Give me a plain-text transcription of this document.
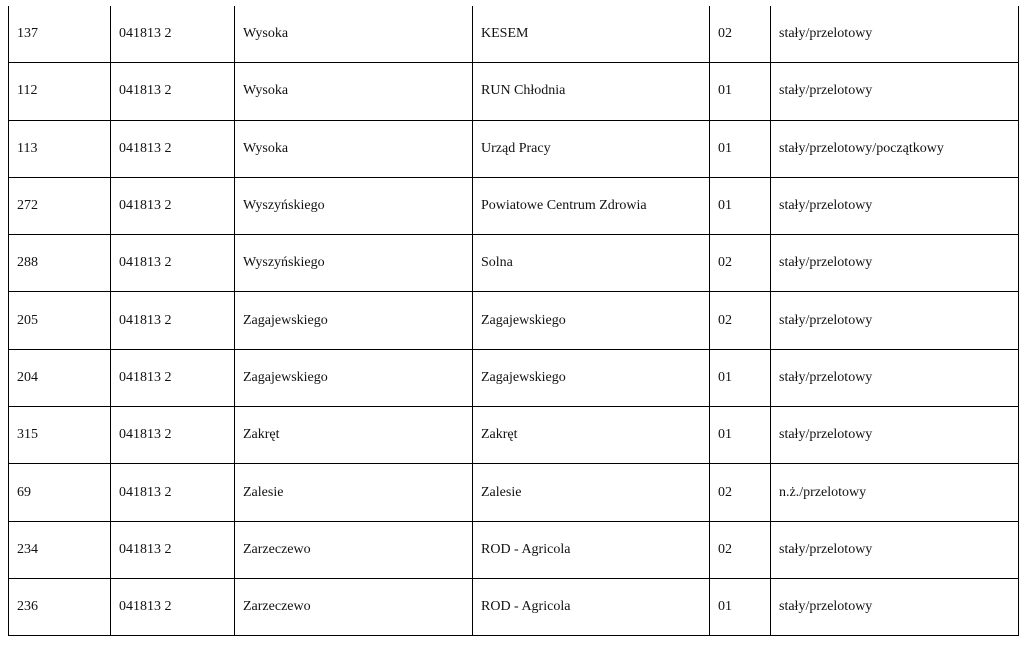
137	041813 2	Wysoka	KESEM	02	stały/przelotowy
112	041813 2	Wysoka	RUN Chłodnia	01	stały/przelotowy
113	041813 2	Wysoka	Urząd Pracy	01	stały/przelotowy/początkowy
272	041813 2	Wyszyńskiego	Powiatowe Centrum Zdrowia	01	stały/przelotowy
288	041813 2	Wyszyńskiego	Solna	02	stały/przelotowy
205	041813 2	Zagajewskiego	Zagajewskiego	02	stały/przelotowy
204	041813 2	Zagajewskiego	Zagajewskiego	01	stały/przelotowy
315	041813 2	Zakręt	Zakręt	01	stały/przelotowy
69	041813 2	Zalesie	Zalesie	02	n.ż./przelotowy
234	041813 2	Zarzeczewo	ROD - Agricola	02	stały/przelotowy
236	041813 2	Zarzeczewo	ROD - Agricola	01	stały/przelotowy
